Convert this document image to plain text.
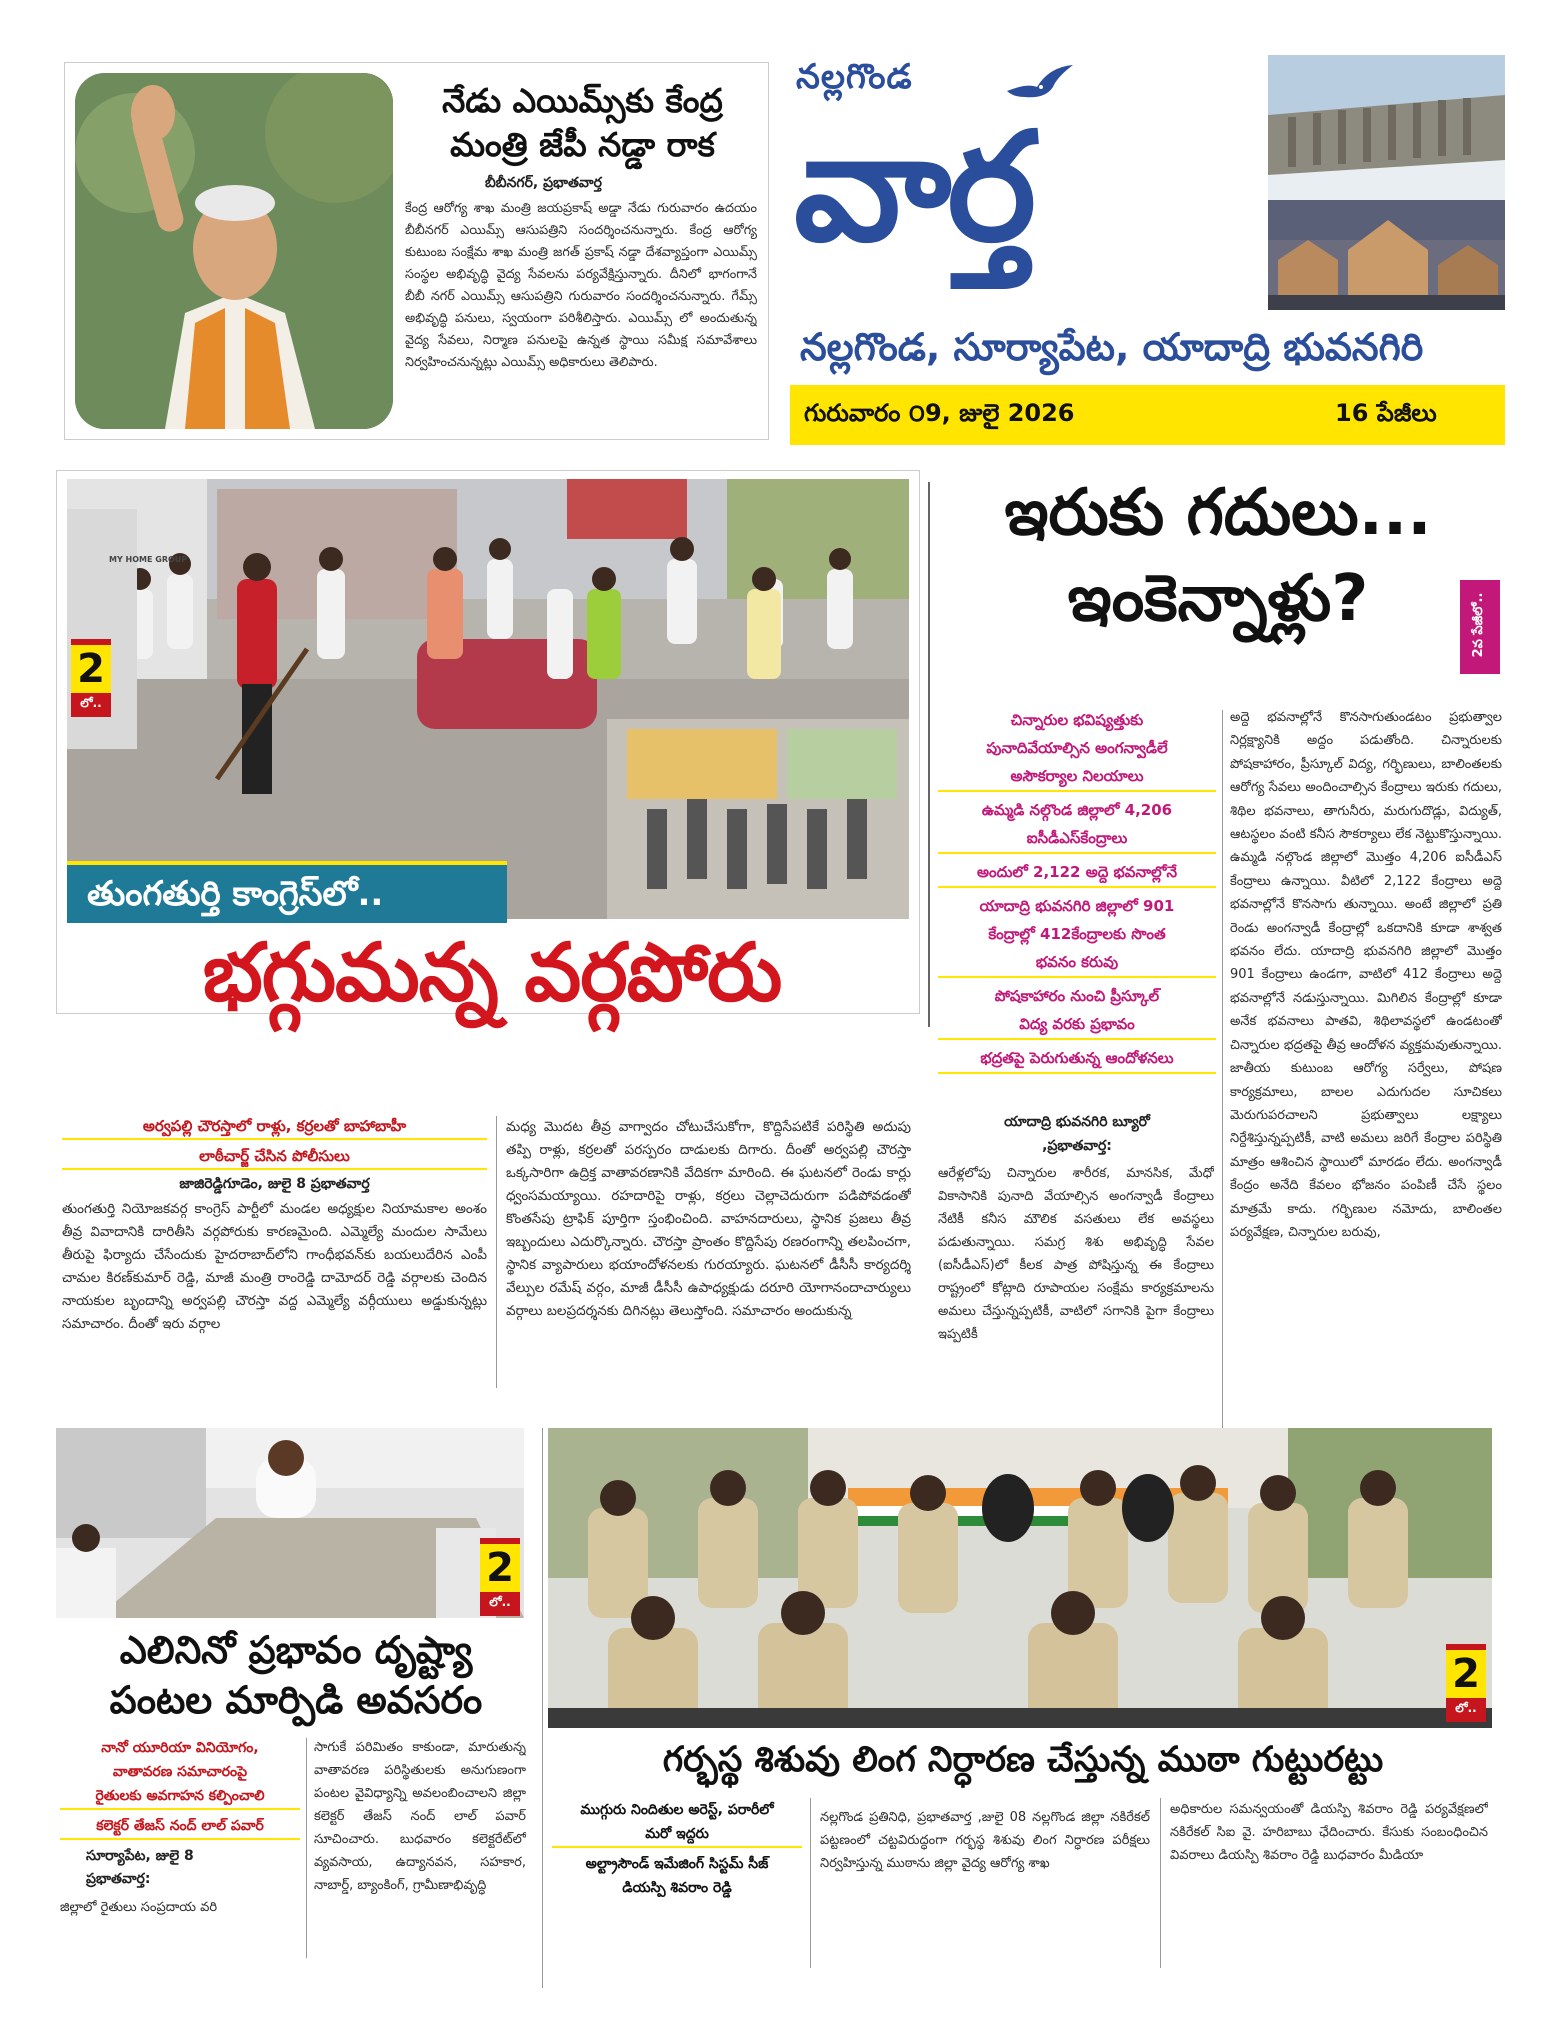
నల్లగొండ
వార్త
నల్లగొండ, సూర్యాపేట, యాదాద్రి భువనగిరి
గురువారం ౦9, జులై 2026	16 పేజీలు
నేడు ఎయిమ్స్‌కు కేంద్ర
మంత్రి జేపీ నడ్డా రాక
బీబీనగర్, ప్రభాతవార్త
కేంద్ర ఆరోగ్య శాఖ మంత్రి జయప్రకాష్ అడ్డా నేడు గురువారం ఉదయం బీబీనగర్ ఎయిమ్స్ ఆసుపత్రిని సందర్శించనున్నారు. కేంద్ర ఆరోగ్య కుటుంబ సంక్షేమ శాఖ మంత్రి జగత్ ప్రకాష్ నడ్డా దేశవ్యాప్తంగా ఎయిమ్స్ సంస్థల అభివృద్ధి వైద్య సేవలను పర్యవేక్షిస్తున్నారు. దీనిలో భాగంగానే బీబీ నగర్ ఎయిమ్స్ ఆసుపత్రిని గురువారం సందర్శించనున్నారు. గేమ్స్ అభివృద్ధి పనులు, స్వయంగా పరిశీలిస్తారు. ఎయిమ్స్ లో అందుతున్న వైద్య సేవలు, నిర్మాణ పనులపై ఉన్నత స్థాయి సమీక్ష సమావేశాలు నిర్వహించనున్నట్లు ఎయిమ్స్ అధికారులు తెలిపారు.
MY HOME GROUP
2
లో..
తుంగతుర్తి కాంగ్రెస్‌లో..
భగ్గుమన్న వర్గపోరు
అర్వపల్లి చౌరస్తాలో రాళ్లు, కర్రలతో బాహాబాహీ
లాఠీచార్జ్ చేసిన పోలీసులు
జాజిరెడ్డిగూడెం, జులై 8 ప్రభాతవార్త
తుంగతుర్తి నియోజకవర్గ కాంగ్రెస్ పార్టీలో మండల అధ్యక్షుల నియామకాల అంశం తీవ్ర వివాదానికి దారితీసి వర్గపోరుకు కారణమైంది. ఎమ్మెల్యే మందుల సామేలు తీరుపై ఫిర్యాదు చేసేందుకు హైదరాబాద్‌లోని గాంధీభవన్‌కు బయలుదేరిన ఎంపీ చామల కిరణ్‌కుమార్ రెడ్డి, మాజీ మంత్రి రాంరెడ్డి దామోదర్ రెడ్డి వర్గాలకు చెందిన నాయకుల బృందాన్ని అర్వపల్లి చౌరస్తా వద్ద ఎమ్మెల్యే వర్గీయులు అడ్డుకున్నట్లు సమాచారం. దీంతో ఇరు వర్గాల
మధ్య మొదట తీవ్ర వాగ్వాదం చోటుచేసుకోగా, కొద్దిసేపటికే పరిస్థితి అదుపు తప్పి రాళ్లు, కర్రలతో పరస్పరం దాడులకు దిగారు. దీంతో అర్వపల్లి చౌరస్తా ఒక్కసారిగా ఉద్రిక్త వాతావరణానికి వేదికగా మారింది. ఈ ఘటనలో రెండు కార్లు ధ్వంసమయ్యాయి. రహదారిపై రాళ్లు, కర్రలు చెల్లాచెదురుగా పడిపోవడంతో కొంతసేపు ట్రాఫిక్ పూర్తిగా స్తంభించింది. వాహనదారులు, స్థానిక ప్రజలు తీవ్ర ఇబ్బందులు ఎదుర్కొన్నారు. చౌరస్తా ప్రాంతం కొద్దిసేపు రణరంగాన్ని తలపించగా, స్థానిక వ్యాపారులు భయాందోళనలకు గురయ్యారు. ఘటనలో డీసీసీ కార్యదర్శి వేల్పుల రమేష్ వర్గం, మాజీ డీసీసీ ఉపాధ్యక్షుడు దరూరి యోగానందాచార్యులు వర్గాలు బలప్రదర్శనకు దిగినట్లు తెలుస్తోంది. సమాచారం అందుకున్న
ఇరుకు గదులు...
ఇంకెన్నాళ్లు?	2వ పేజీలో..
చిన్నారుల భవిష్యత్తుకు
పునాదివేయాల్సిన అంగన్వాడీలే
అసౌకర్యాల నిలయాలు
ఉమ్మడి నల్గొండ జిల్లాలో 4,206
ఐసీడీఎస్‌కేంద్రాలు
అందులో 2,122 అద్దె భవనాల్లోనే
యాదాద్రి భువనగిరి జిల్లాలో 901
కేంద్రాల్లో 412కేంద్రాలకు సొంత
భవనం కరువు
పోషకాహారం నుంచి ప్రీస్కూల్
విద్య వరకు ప్రభావం
భద్రతపై పెరుగుతున్న ఆందోళనలు
అద్దె భవనాల్లోనే కొనసాగుతుండటం ప్రభుత్వాల నిర్లక్ష్యానికి అద్దం పడుతోంది. చిన్నారులకు పోషకాహారం, ప్రీస్కూల్ విద్య, గర్భిణులు, బాలింతలకు ఆరోగ్య సేవలు అందించాల్సిన కేంద్రాలు ఇరుకు గదులు, శిథిల భవనాలు, తాగునీరు, మరుగుదొడ్లు, విద్యుత్, ఆటస్థలం వంటి కనీస సౌకర్యాలు లేక నెట్టుకొస్తున్నాయి. ఉమ్మడి నల్గొండ జిల్లాలో మొత్తం 4,206 ఐసీడీఎస్ కేంద్రాలు ఉన్నాయి. వీటిలో 2,122 కేంద్రాలు అద్దె భవనాల్లోనే కొనసాగు తున్నాయి. అంటే జిల్లాలో ప్రతి రెండు అంగన్వాడీ కేంద్రాల్లో ఒకదానికి కూడా శాశ్వత భవనం లేదు. యాదాద్రి భువనగిరి జిల్లాలో మొత్తం 901 కేంద్రాలు ఉండగా, వాటిలో 412 కేంద్రాలు అద్దె భవనాల్లోనే నడుస్తున్నాయి. మిగిలిన కేంద్రాల్లో కూడా అనేక భవనాలు పాతవి, శిథిలావస్థలో ఉండటంతో చిన్నారుల భద్రతపై తీవ్ర ఆందోళన వ్యక్తమవుతున్నాయి. జాతీయ కుటుంబ ఆరోగ్య సర్వేలు, పోషణ కార్యక్రమాలు, బాలల ఎదుగుదల సూచికలు మెరుగుపరచాలని ప్రభుత్వాలు లక్ష్యాలు నిర్దేశిస్తున్నప్పటికీ, వాటి అమలు జరిగే కేంద్రాల పరిస్థితి మాత్రం ఆశించిన స్థాయిలో మారడం లేదు. అంగన్వాడీ కేంద్రం అనేది కేవలం భోజనం పంపిణీ చేసే స్థలం మాత్రమే కాదు. గర్భిణుల నమోదు, బాలింతల పర్యవేక్షణ, చిన్నారుల బరువు,
యాదాద్రి భువనగిరి బ్యూరో
,ప్రభాతవార్త:
ఆరేళ్లలోపు చిన్నారుల శారీరక, మానసిక, మేధో వికాసానికి పునాది వేయాల్సిన అంగన్వాడీ కేంద్రాలు నేటికీ కనీస మౌలిక వసతులు లేక అవస్థలు పడుతున్నాయి. సమగ్ర శిశు అభివృద్ధి సేవల (ఐసీడీఎస్)లో కీలక పాత్ర పోషిస్తున్న ఈ కేంద్రాలు రాష్ట్రంలో కోట్లాది రూపాయల సంక్షేమ కార్యక్రమాలను అమలు చేస్తున్నప్పటికీ, వాటిలో సగానికి పైగా కేంద్రాలు ఇప్పటికీ
2
లో..
ఎలినినో ప్రభావం దృష్ట్యా
పంటల మార్పిడి అవసరం
నానో యూరియా వినియోగం,
వాతావరణ సమాచారంపై
రైతులకు అవగాహన కల్పించాలి
కలెక్టర్ తేజస్ నంద్ లాల్ పవార్
సూర్యాపేట, జులై 8
ప్రభాతవార్త:
జిల్లాలో రైతులు సంప్రదాయ వరి
సాగుకే పరిమితం కాకుండా, మారుతున్న వాతావరణ పరిస్థితులకు అనుగుణంగా పంటల వైవిధ్యాన్ని అవలంబించాలని జిల్లా కలెక్టర్ తేజస్ నంద్ లాల్ పవార్ సూచించారు. బుధవారం కలెక్టరేట్‌లో వ్యవసాయ, ఉద్యానవన, సహకార, నాబార్డ్, బ్యాంకింగ్, గ్రామీణాభివృద్ధి
2
లో..
గర్భస్థ శిశువు లింగ నిర్ధారణ చేస్తున్న ముఠా గుట్టురట్టు
ముగ్గురు నిందితుల అరెస్ట్, పరారీలో
మరో ఇద్దరు
అల్ట్రాసౌండ్ ఇమేజింగ్ సిస్టమ్ సీజ్
డియస్పి శివరాం రెడ్డి
నల్లగొండ ప్రతినిధి, ప్రభాతవార్త ,జులై 08 నల్లగొండ జిల్లా నకిరేకల్ పట్టణంలో చట్టవిరుద్ధంగా గర్భస్థ శిశువు లింగ నిర్ధారణ పరీక్షలు నిర్వహిస్తున్న ముఠాను జిల్లా వైద్య ఆరోగ్య శాఖ
అధికారుల సమన్వయంతో డియస్పి శివరాం రెడ్డి పర్యవేక్షణలో నకిరేకల్ సిఐ వై. హరిబాబు ఛేదించారు. కేసుకు సంబంధించిన వివరాలు డియస్పి శివరాం రెడ్డి బుధవారం మీడియా
